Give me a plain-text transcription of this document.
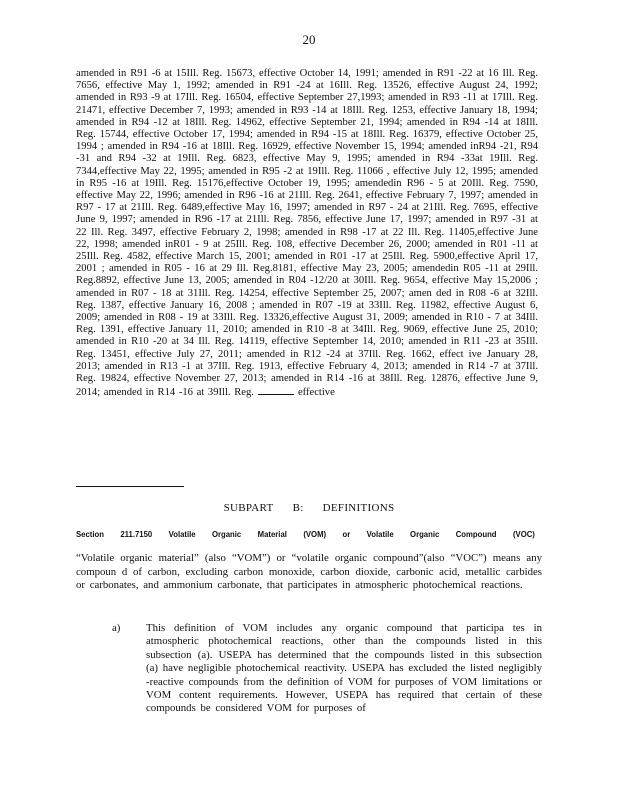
20
amended in R91 -6 at 15Ill. Reg. 15673, effective October 14, 1991; amended in R91 -22 at 16 Ill. Reg. 7656, effective May 1, 1992; amended in R91 -24 at 16Ill. Reg. 13526, effective August 24, 1992; amended in R93 -9 at 17Ill. Reg. 16504, effective September 27,1993; amended in R93 -11 at 17Ill. Reg. 21471, effective December 7, 1993; amended in R93 -14 at 18Ill. Reg. 1253, effective January 18, 1994; amended in R94 -12 at 18Ill. Reg. 14962, effective September 21, 1994; amended in R94 -14 at 18Ill. Reg. 15744, effective October 17, 1994; amended in R94 -15 at 18Ill. Reg. 16379, effective October 25, 1994 ; amended in R94 -16 at 18Ill. Reg. 16929, effective November 15, 1994; amended inR94 -21, R94 -31 and R94 -32 at 19Ill. Reg. 6823, effective May 9, 1995; amended in R94 -33at 19Ill. Reg. 7344,effective May 22, 1995; amended in R95 -2 at 19Ill. Reg. 11066 , effective July 12, 1995; amended in R95 -16 at 19Ill. Reg. 15176,effective October 19, 1995; amendedin R96 - 5 at 20Ill. Reg. 7590, effective May 22, 1996; amended in R96 -16 at 21Ill. Reg. 2641, effective February 7, 1997; amended in R97 - 17 at 21Ill. Reg. 6489,effective May 16, 1997; amended in R97 - 24 at 21Ill. Reg. 7695, effective June 9, 1997; amended in R96 -17 at 21Ill. Reg. 7856, effective June 17, 1997; amended in R97 -31 at 22 Ill. Reg. 3497, effective February 2, 1998; amended in R98 -17 at 22 Ill. Reg. 11405,effective June 22, 1998; amended inR01 - 9 at 25Ill. Reg. 108, effective December 26, 2000; amended in R01 -11 at 25Ill. Reg. 4582, effective March 15, 2001; amended in R01 -17 at 25Ill. Reg. 5900,effective April 17, 2001 ; amended in R05 - 16 at 29 Ill. Reg.8181, effective May 23, 2005; amendedin R05 -11 at 29Ill. Reg.8892, effective June 13, 2005; amended in R04 -12/20 at 30Ill. Reg. 9654, effective May 15,2006 ; amended in R07 - 18 at 31Ill. Reg. 14254, effective September 25, 2007; amen ded in R08 -6 at 32Ill. Reg. 1387, effective January 16, 2008 ; amended in R07 -19 at 33Ill. Reg. 11982, effective August 6, 2009; amended in R08 - 19 at 33Ill. Reg. 13326,effective August 31, 2009; amended in R10 - 7 at 34Ill. Reg. 1391, effective January 11, 2010; amended in R10 -8 at 34Ill. Reg. 9069, effective June 25, 2010; amended in R10 -20 at 34 Ill. Reg. 14119, effective September 14, 2010; amended in R11 -23 at 35Ill. Reg. 13451, effective July 27, 2011; amended in R12 -24 at 37Ill. Reg. 1662, effect ive January 28, 2013; amended in R13 -1 at 37Ill. Reg. 1913, effective February 4, 2013; amended in R14 -7 at 37Ill. Reg. 19824, effective November 27, 2013; amended in R14 -16 at 38Ill. Reg. 12876, effective June 9, 2014; amended in R14 -16 at 39Ill. Reg.	effective
SUBPART B: DEFINITIONS
Section 211.7150 Volatile Organic Material (VOM) or Volatile Organic Compound (VOC)
“Volatile organic material” (also “VOM”) or “volatile organic compound”(also “VOC”) means any compoun d of carbon, excluding carbon monoxide, carbon dioxide, carbonic acid, metallic carbides or carbonates, and ammonium carbonate, that participates in atmospheric photochemical reactions.
a) This definition of VOM includes any organic compound that participa tes in atmospheric photochemical reactions, other than the compounds listed in this subsection (a). USEPA has determined that the compounds listed in this subsection (a) have negligible photochemical reactivity. USEPA has excluded the listed negligibly -reactive compounds from the definition of VOM for purposes of VOM limitations or VOM content requirements. However, USEPA has required that certain of these compounds be considered VOM for purposes of
